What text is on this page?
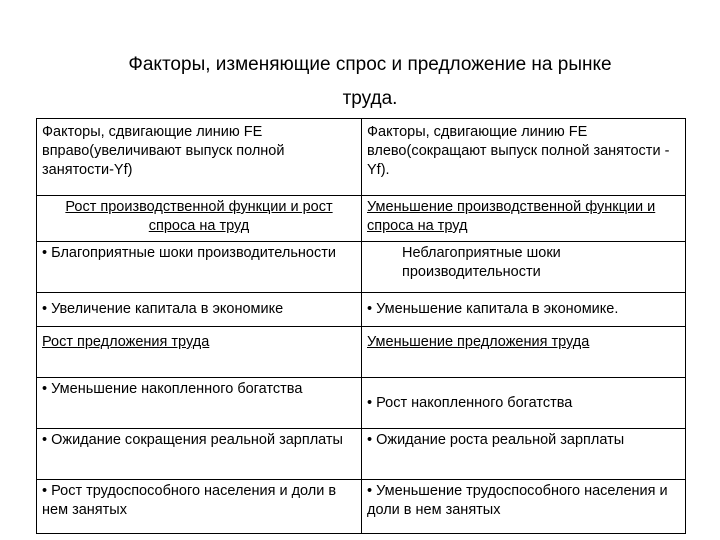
Факторы, изменяющие спрос и предложение на рынке
труда.
Факторы, сдвигающие линию FE вправо(увеличивают выпуск полной занятости-Yf)	Факторы, сдвигающие линию FE влево(сокращают выпуск полной занятости -Yf).
Рост производственной функции и рост спроса на труд	Уменьшение производственной функции и спроса на труд
• Благоприятные шоки производительности	Неблагоприятные шоки производительности
• Увеличение капитала в экономике	• Уменьшение капитала в экономике.
Рост предложения труда	Уменьшение предложения труда
• Уменьшение накопленного богатства	• Рост накопленного богатства
• Ожидание сокращения реальной зарплаты	• Ожидание роста реальной зарплаты
• Рост трудоспособного населения и доли в нем занятых	• Уменьшение трудоспособного населения и доли в нем занятых
